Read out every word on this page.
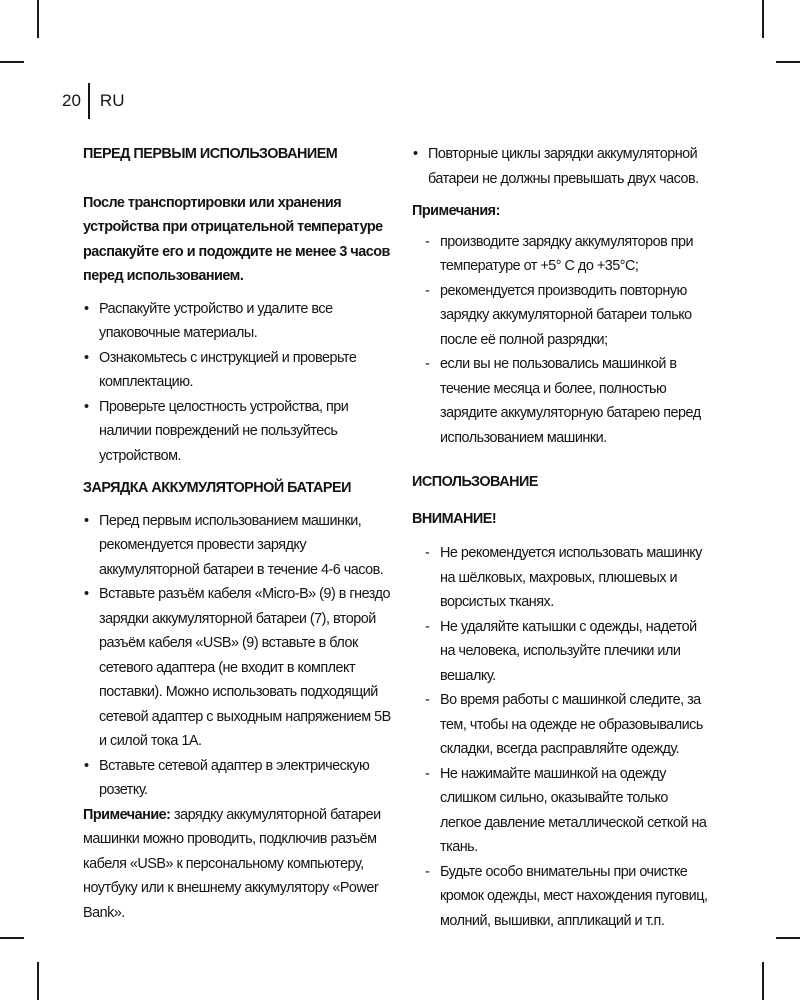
20	RU

ПЕРЕД ПЕРВЫМ ИСПОЛЬЗОВАНИЕМ

После транспортировки или хранения устройства при отрицательной температуре распакуйте его и подождите не менее 3 часов перед использованием.

• Распакуйте устройство и удалите все упаковочные материалы.
• Ознакомьтесь с инструкцией и проверьте комплектацию.
• Проверьте целостность устройства, при наличии повреждений не пользуйтесь устройством.

ЗАРЯДКА АККУМУЛЯТОРНОЙ БАТАРЕИ

• Перед первым использованием машинки, рекомендуется провести зарядку аккумуляторной батареи в течение 4-6 часов.
• Вставьте разъём кабеля «Micro-B» (9) в гнездо зарядки аккумуляторной батареи (7), второй разъём кабеля «USB» (9) вставьте в блок сетевого адаптера (не входит в комплект поставки). Можно использовать подходящий сетевой адаптер с выходным напряжением 5В и силой тока 1А.
• Вставьте сетевой адаптер в электрическую розетку.

Примечание: зарядку аккумуляторной батареи машинки можно проводить, подключив разъём кабеля «USB» к персональному компьютеру, ноутбуку или к внешнему аккумулятору «Power Bank».

• Повторные циклы зарядки аккумуляторной батареи не должны превышать двух часов.

Примечания:

- производите зарядку аккумуляторов при температуре от +5° С до +35°С;
- рекомендуется производить повторную зарядку аккумуляторной батареи только после её полной разрядки;
- если вы не пользовались машинкой в течение месяца и более, полностью зарядите аккумуляторную батарею перед использованием машинки.

ИСПОЛЬЗОВАНИЕ

ВНИМАНИЕ!

- Не рекомендуется использовать машинку на шёлковых, махровых, плюшевых и ворсистых тканях.
- Не удаляйте катышки с одежды, надетой на человека, используйте плечики или вешалку.
- Во время работы с машинкой следите, за тем, чтобы на одежде не образовывались складки, всегда расправляйте одежду.
- Не нажимайте машинкой на одежду слишком сильно, оказывайте только легкое давление металлической сеткой на ткань.
- Будьте особо внимательны при очистке кромок одежды, мест нахождения пуговиц, молний, вышивки, аппликаций и т.п.
